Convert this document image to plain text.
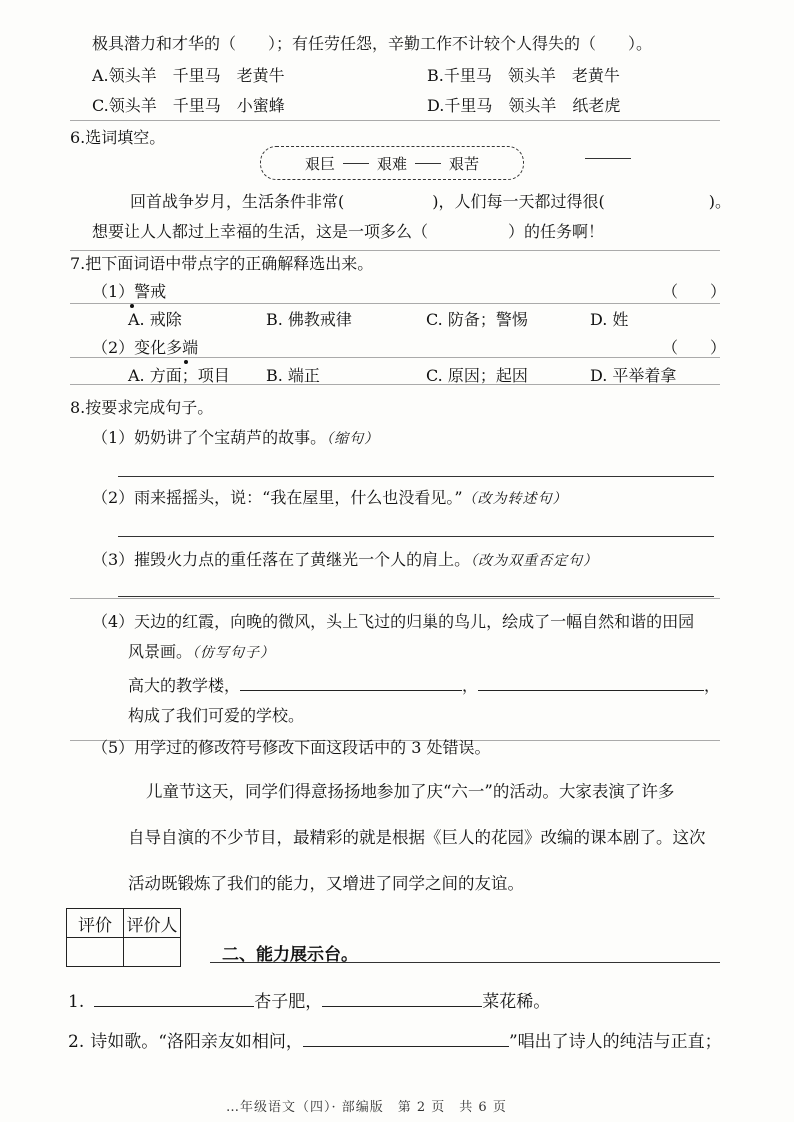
极具潜力和才华的（　　）；有任劳任怨，辛勤工作不计较个人得失的（　　）。
A.领头羊　千里马　老黄牛	B.千里马　领头羊　老黄牛
C.领头羊　千里马　小蜜蜂	D.千里马　领头羊　纸老虎
6.选词填空。
艰巨	艰难	艰苦
回首战争岁月，生活条件非常(	)，人们每一天都过得很(	)。
想要让人人都过上幸福的生活，这是一项多么（	）的任务啊！
7.把下面词语中带点字的正确解释选出来。
（1）警戒	（　　）
A. 戒除	B. 佛教戒律	C. 防备；警惕	D. 姓
（2）变化多端	（　　）
A. 方面；项目 B. 端正	C. 原因；起因	D. 平举着拿
8.按要求完成句子。
（1）奶奶讲了个宝葫芦的故事。（缩句）
（2）雨来摇摇头，说：“我在屋里，什么也没看见。”（改为转述句）
（3）摧毁火力点的重任落在了黄继光一个人的肩上。（改为双重否定句）
（4）天边的红霞，向晚的微风，头上飞过的归巢的鸟儿，绘成了一幅自然和谐的田园
风景画。（仿写句子）
高大的教学楼，	，	，
构成了我们可爱的学校。
（5）用学过的修改符号修改下面这段话中的 3 处错误。
儿童节这天，同学们得意扬扬地参加了庆“六一”的活动。大家表演了许多
自导自演的不少节目，最精彩的就是根据《巨人的花园》改编的课本剧了。这次
活动既锻炼了我们的能力，又增进了同学之间的友谊。
评价	评价人

二、能力展示台。
1.	杏子肥，	菜花稀。
2. 诗如歌。“洛阳亲友如相问，	”唱出了诗人的纯洁与正直；
…年级语文（四）· 部编版　第 2 页　共 6 页
